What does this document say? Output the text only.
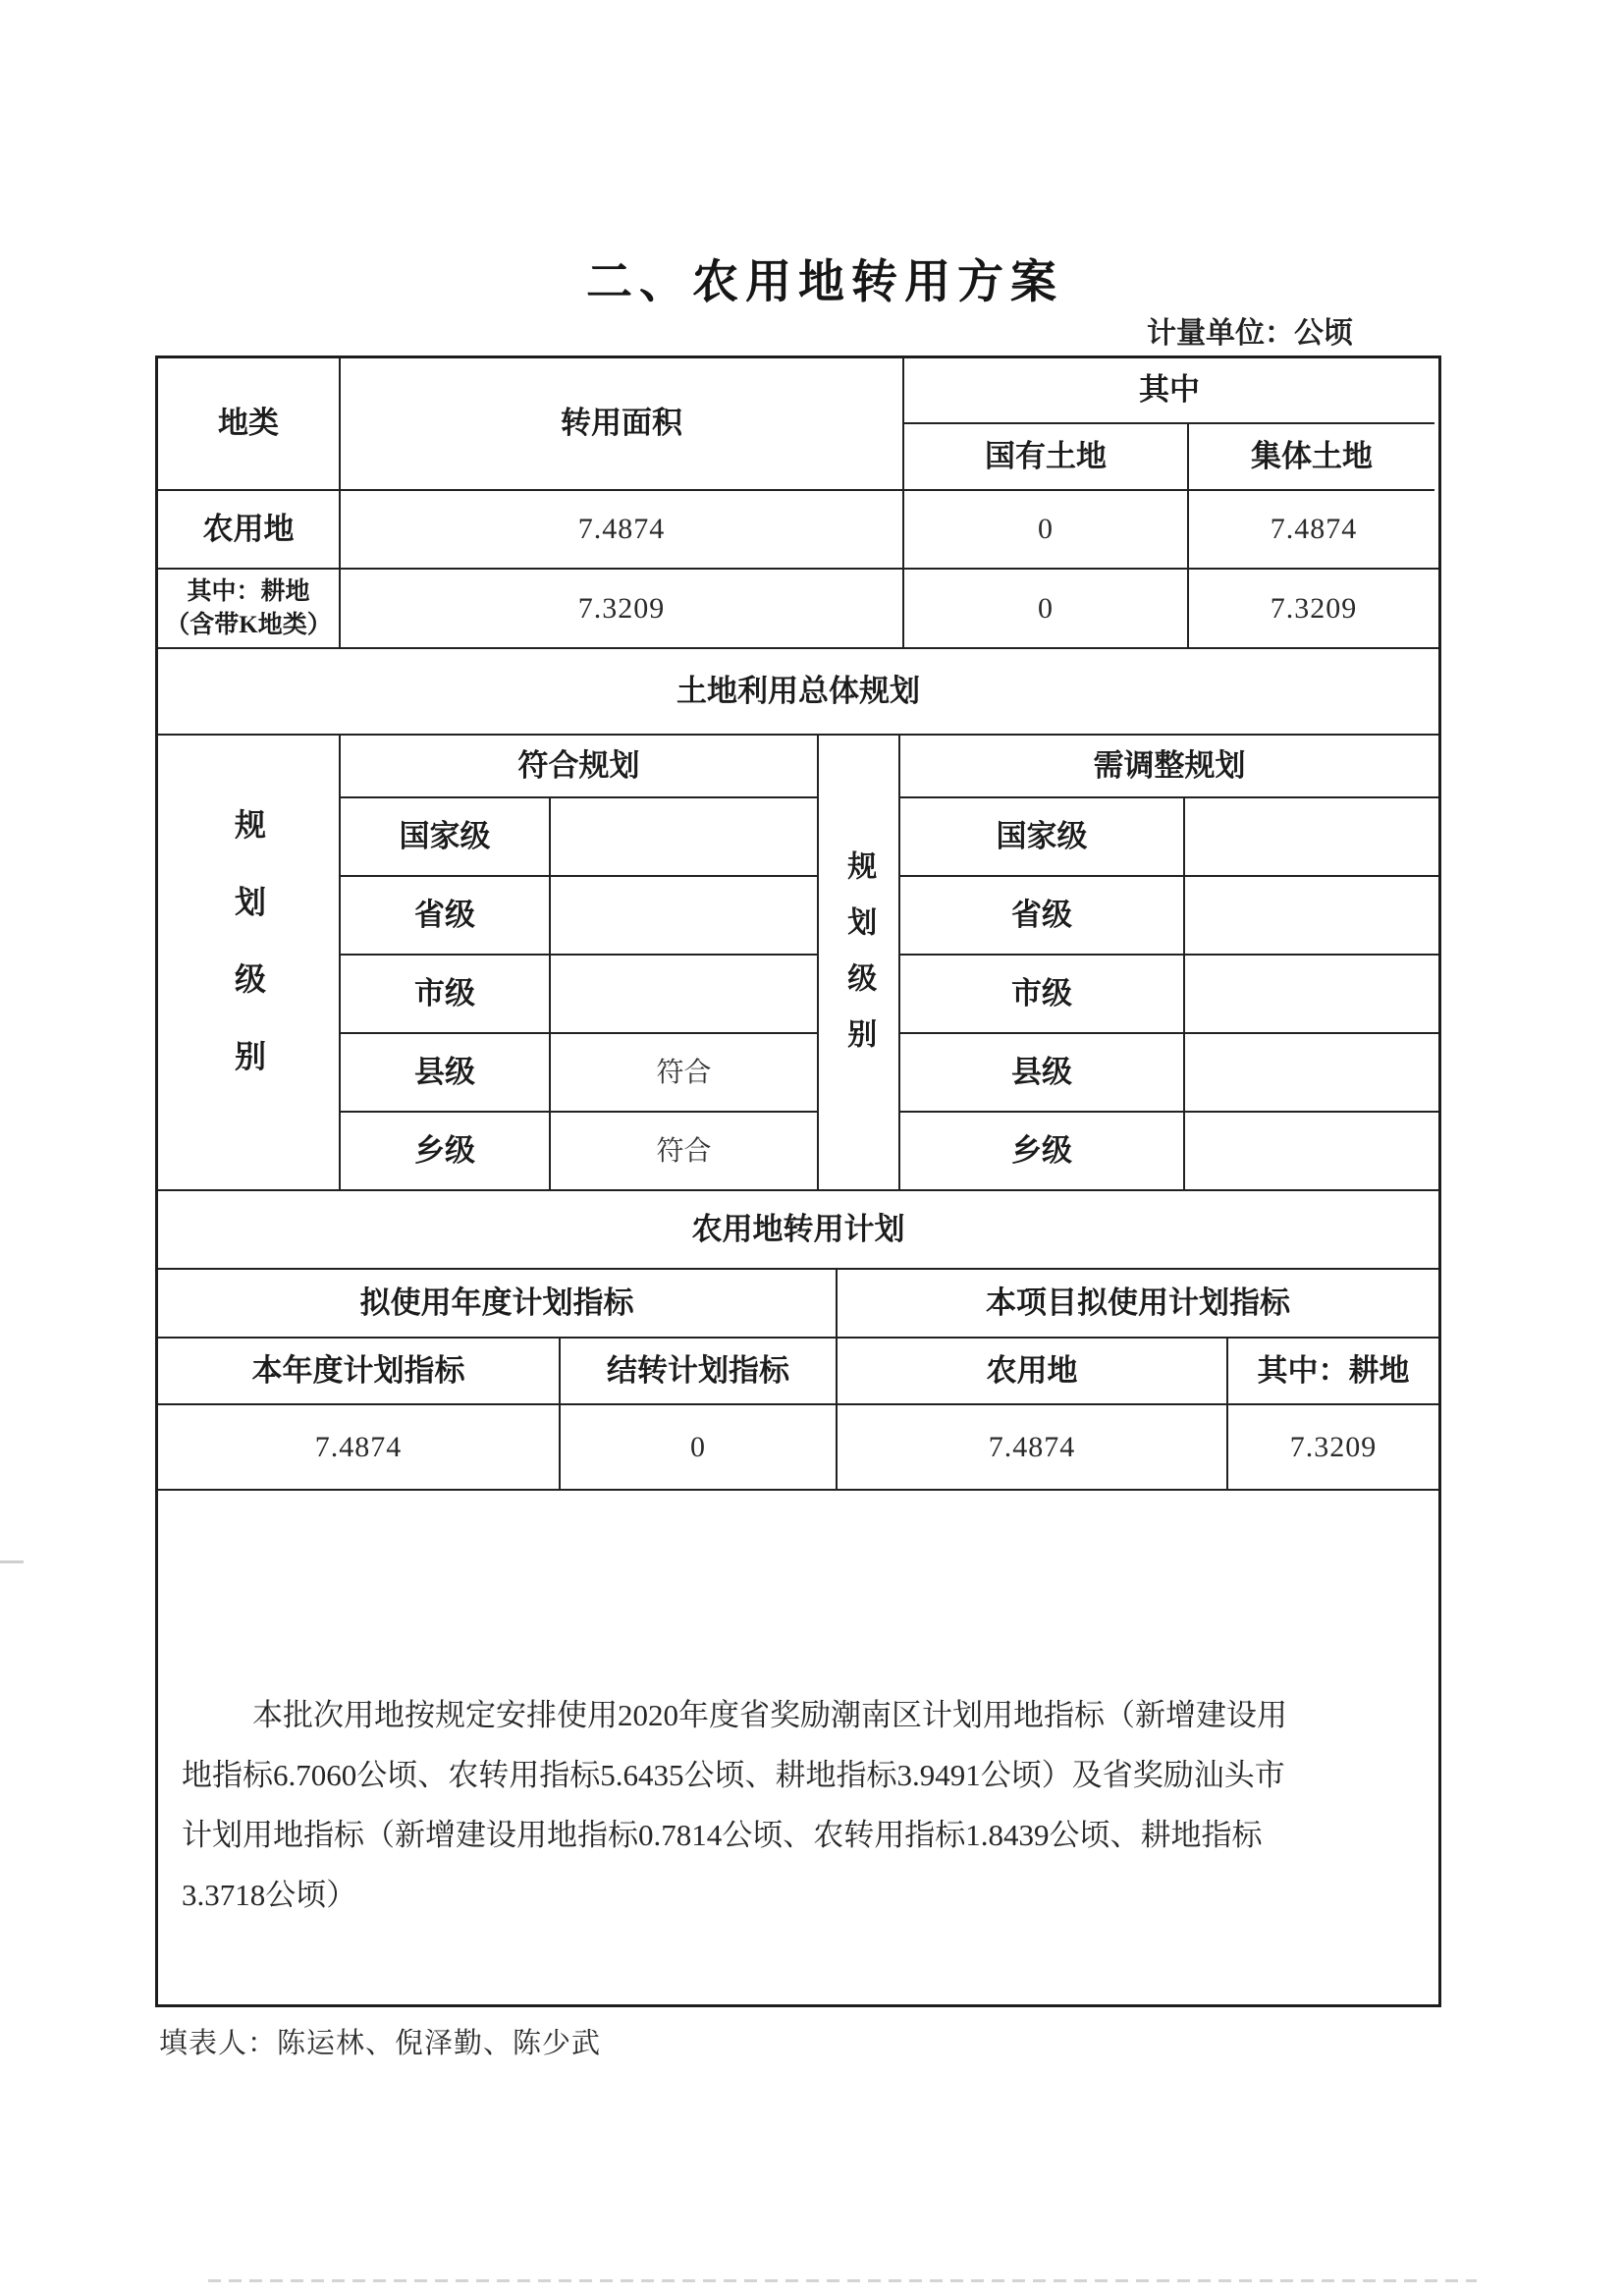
二、农用地转用方案
计量单位：公顷
地类	转用面积
其中
国有土地	集体土地
农用地	7.4874	0	7.4874
其中：耕地
（含带K地类）
7.3209	0	7.3209
土地利用总体规划
规划级别
符合规划
国家级
省级
市级
县级	符合
乡级	符合
规划级别
需调整规划
国家级
省级
市级
县级
乡级
农用地转用计划
拟使用年度计划指标	本项目拟使用计划指标
本年度计划指标	结转计划指标	农用地	其中：耕地
7.4874	0	7.4874	7.3209
本批次用地按规定安排使用2020年度省奖励潮南区计划用地指标（新增建设用
地指标6.7060公顷、农转用指标5.6435公顷、耕地指标3.9491公顷）及省奖励汕头市
计划用地指标（新增建设用地指标0.7814公顷、农转用指标1.8439公顷、耕地指标
3.3718公顷）
填表人：陈运林、倪泽勤、陈少武
